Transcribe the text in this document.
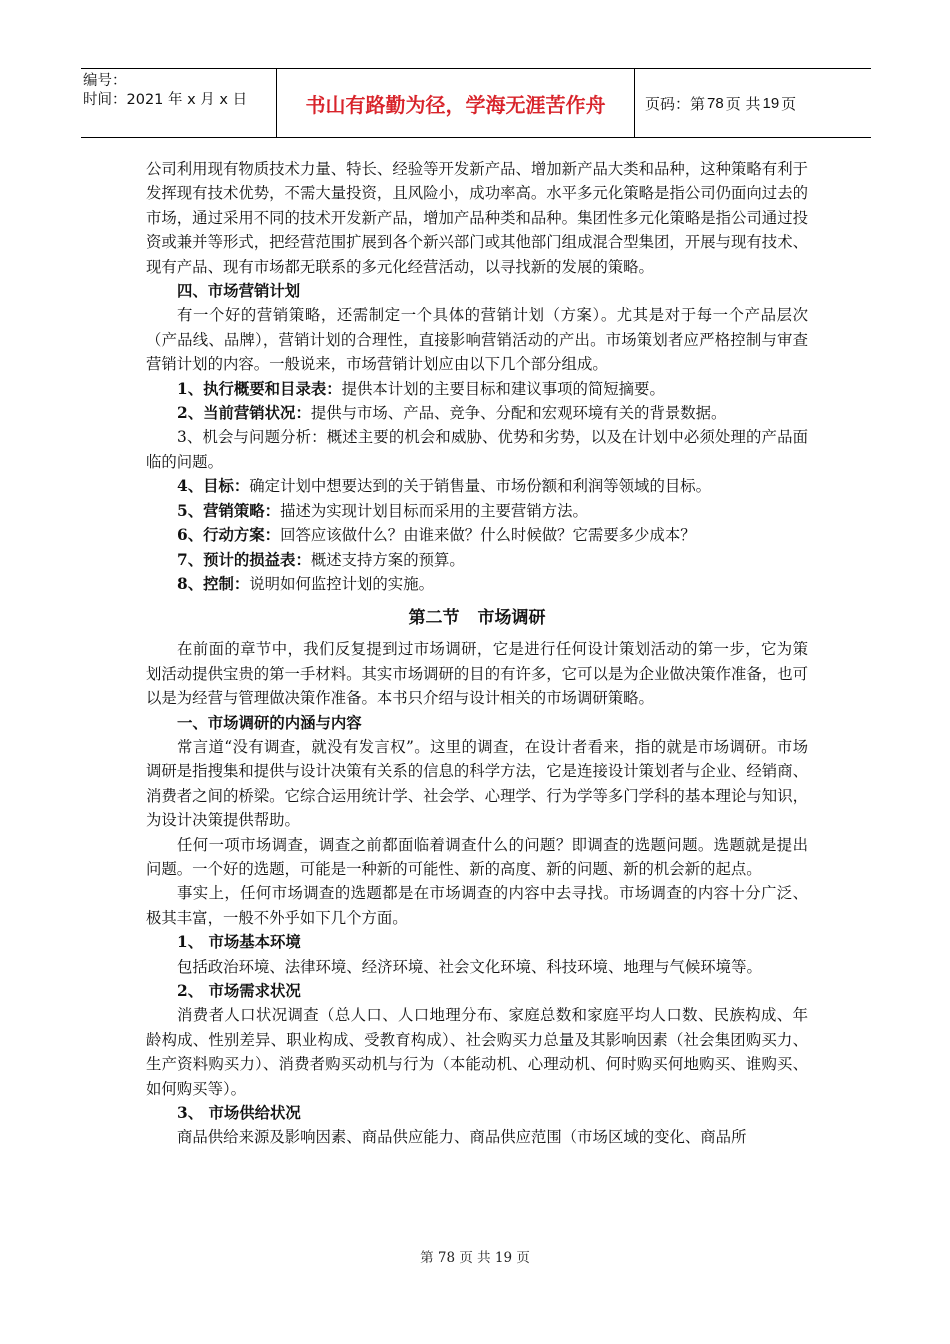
编号：
时间：2021 年 x 月 x 日	书山有路勤为径，学海无涯苦作舟	页码：第 78 页 共 19 页

公司利用现有物质技术力量、特长、经验等开发新产品、增加新产品大类和品种，这种策略有利于发挥现有技术优势，不需大量投资，且风险小，成功率高。水平多元化策略是指公司仍面向过去的市场，通过采用不同的技术开发新产品，增加产品种类和品种。集团性多元化策略是指公司通过投资或兼并等形式，把经营范围扩展到各个新兴部门或其他部门组成混合型集团，开展与现有技术、现有产品、现有市场都无联系的多元化经营活动，以寻找新的发展的策略。

四、市场营销计划

有一个好的营销策略，还需制定一个具体的营销计划（方案）。尤其是对于每一个产品层次（产品线、品牌），营销计划的合理性，直接影响营销活动的产出。市场策划者应严格控制与审查营销计划的内容。一般说来，市场营销计划应由以下几个部分组成。

1、执行概要和目录表：提供本计划的主要目标和建议事项的简短摘要。

2、当前营销状况：提供与市场、产品、竞争、分配和宏观环境有关的背景数据。

3、机会与问题分析：概述主要的机会和威胁、优势和劣势，以及在计划中必须处理的产品面临的问题。

4、目标：确定计划中想要达到的关于销售量、市场份额和利润等领域的目标。

5、营销策略：描述为实现计划目标而采用的主要营销方法。

6、行动方案：回答应该做什么？由谁来做？什么时候做？它需要多少成本？

7、预计的损益表：概述支持方案的预算。

8、控制：说明如何监控计划的实施。

第二节 市场调研

在前面的章节中，我们反复提到过市场调研，它是进行任何设计策划活动的第一步，它为策划活动提供宝贵的第一手材料。其实市场调研的目的有许多，它可以是为企业做决策作准备，也可以是为经营与管理做决策作准备。本书只介绍与设计相关的市场调研策略。

一、市场调研的内涵与内容

常言道“没有调查，就没有发言权”。这里的调查，在设计者看来，指的就是市场调研。市场调研是指搜集和提供与设计决策有关系的信息的科学方法，它是连接设计策划者与企业、经销商、消费者之间的桥梁。它综合运用统计学、社会学、心理学、行为学等多门学科的基本理论与知识，为设计决策提供帮助。

任何一项市场调查，调查之前都面临着调查什么的问题？即调查的选题问题。选题就是提出问题。一个好的选题，可能是一种新的可能性、新的高度、新的问题、新的机会新的起点。

事实上，任何市场调查的选题都是在市场调查的内容中去寻找。市场调查的内容十分广泛、极其丰富，一般不外乎如下几个方面。

1、 市场基本环境

包括政治环境、法律环境、经济环境、社会文化环境、科技环境、地理与气候环境等。

2、 市场需求状况

消费者人口状况调查（总人口、人口地理分布、家庭总数和家庭平均人口数、民族构成、年龄构成、性别差异、职业构成、受教育构成）、社会购买力总量及其影响因素（社会集团购买力、生产资料购买力）、消费者购买动机与行为（本能动机、心理动机、何时购买何地购买、谁购买、如何购买等）。

3、 市场供给状况

商品供给来源及影响因素、商品供应能力、商品供应范围（市场区域的变化、商品所

第 78 页 共 19 页
